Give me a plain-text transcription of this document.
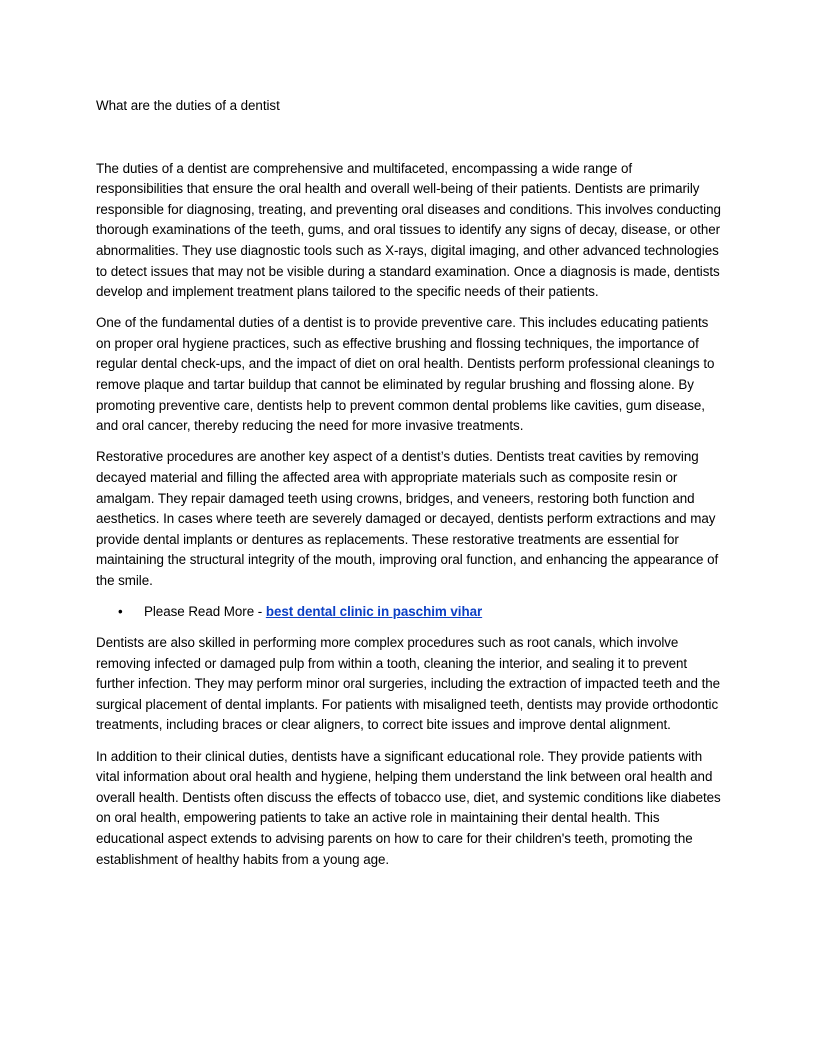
What are the duties of a dentist

The duties of a dentist are comprehensive and multifaceted, encompassing a wide range of responsibilities that ensure the oral health and overall well-being of their patients. Dentists are primarily responsible for diagnosing, treating, and preventing oral diseases and conditions. This involves conducting thorough examinations of the teeth, gums, and oral tissues to identify any signs of decay, disease, or other abnormalities. They use diagnostic tools such as X-rays, digital imaging, and other advanced technologies to detect issues that may not be visible during a standard examination. Once a diagnosis is made, dentists develop and implement treatment plans tailored to the specific needs of their patients.

One of the fundamental duties of a dentist is to provide preventive care. This includes educating patients on proper oral hygiene practices, such as effective brushing and flossing techniques, the importance of regular dental check-ups, and the impact of diet on oral health. Dentists perform professional cleanings to remove plaque and tartar buildup that cannot be eliminated by regular brushing and flossing alone. By promoting preventive care, dentists help to prevent common dental problems like cavities, gum disease, and oral cancer, thereby reducing the need for more invasive treatments.

Restorative procedures are another key aspect of a dentist’s duties. Dentists treat cavities by removing decayed material and filling the affected area with appropriate materials such as composite resin or amalgam. They repair damaged teeth using crowns, bridges, and veneers, restoring both function and aesthetics. In cases where teeth are severely damaged or decayed, dentists perform extractions and may provide dental implants or dentures as replacements. These restorative treatments are essential for maintaining the structural integrity of the mouth, improving oral function, and enhancing the appearance of the smile.

• Please Read More - best dental clinic in paschim vihar

Dentists are also skilled in performing more complex procedures such as root canals, which involve removing infected or damaged pulp from within a tooth, cleaning the interior, and sealing it to prevent further infection. They may perform minor oral surgeries, including the extraction of impacted teeth and the surgical placement of dental implants. For patients with misaligned teeth, dentists may provide orthodontic treatments, including braces or clear aligners, to correct bite issues and improve dental alignment.

In addition to their clinical duties, dentists have a significant educational role. They provide patients with vital information about oral health and hygiene, helping them understand the link between oral health and overall health. Dentists often discuss the effects of tobacco use, diet, and systemic conditions like diabetes on oral health, empowering patients to take an active role in maintaining their dental health. This educational aspect extends to advising parents on how to care for their children's teeth, promoting the establishment of healthy habits from a young age.
